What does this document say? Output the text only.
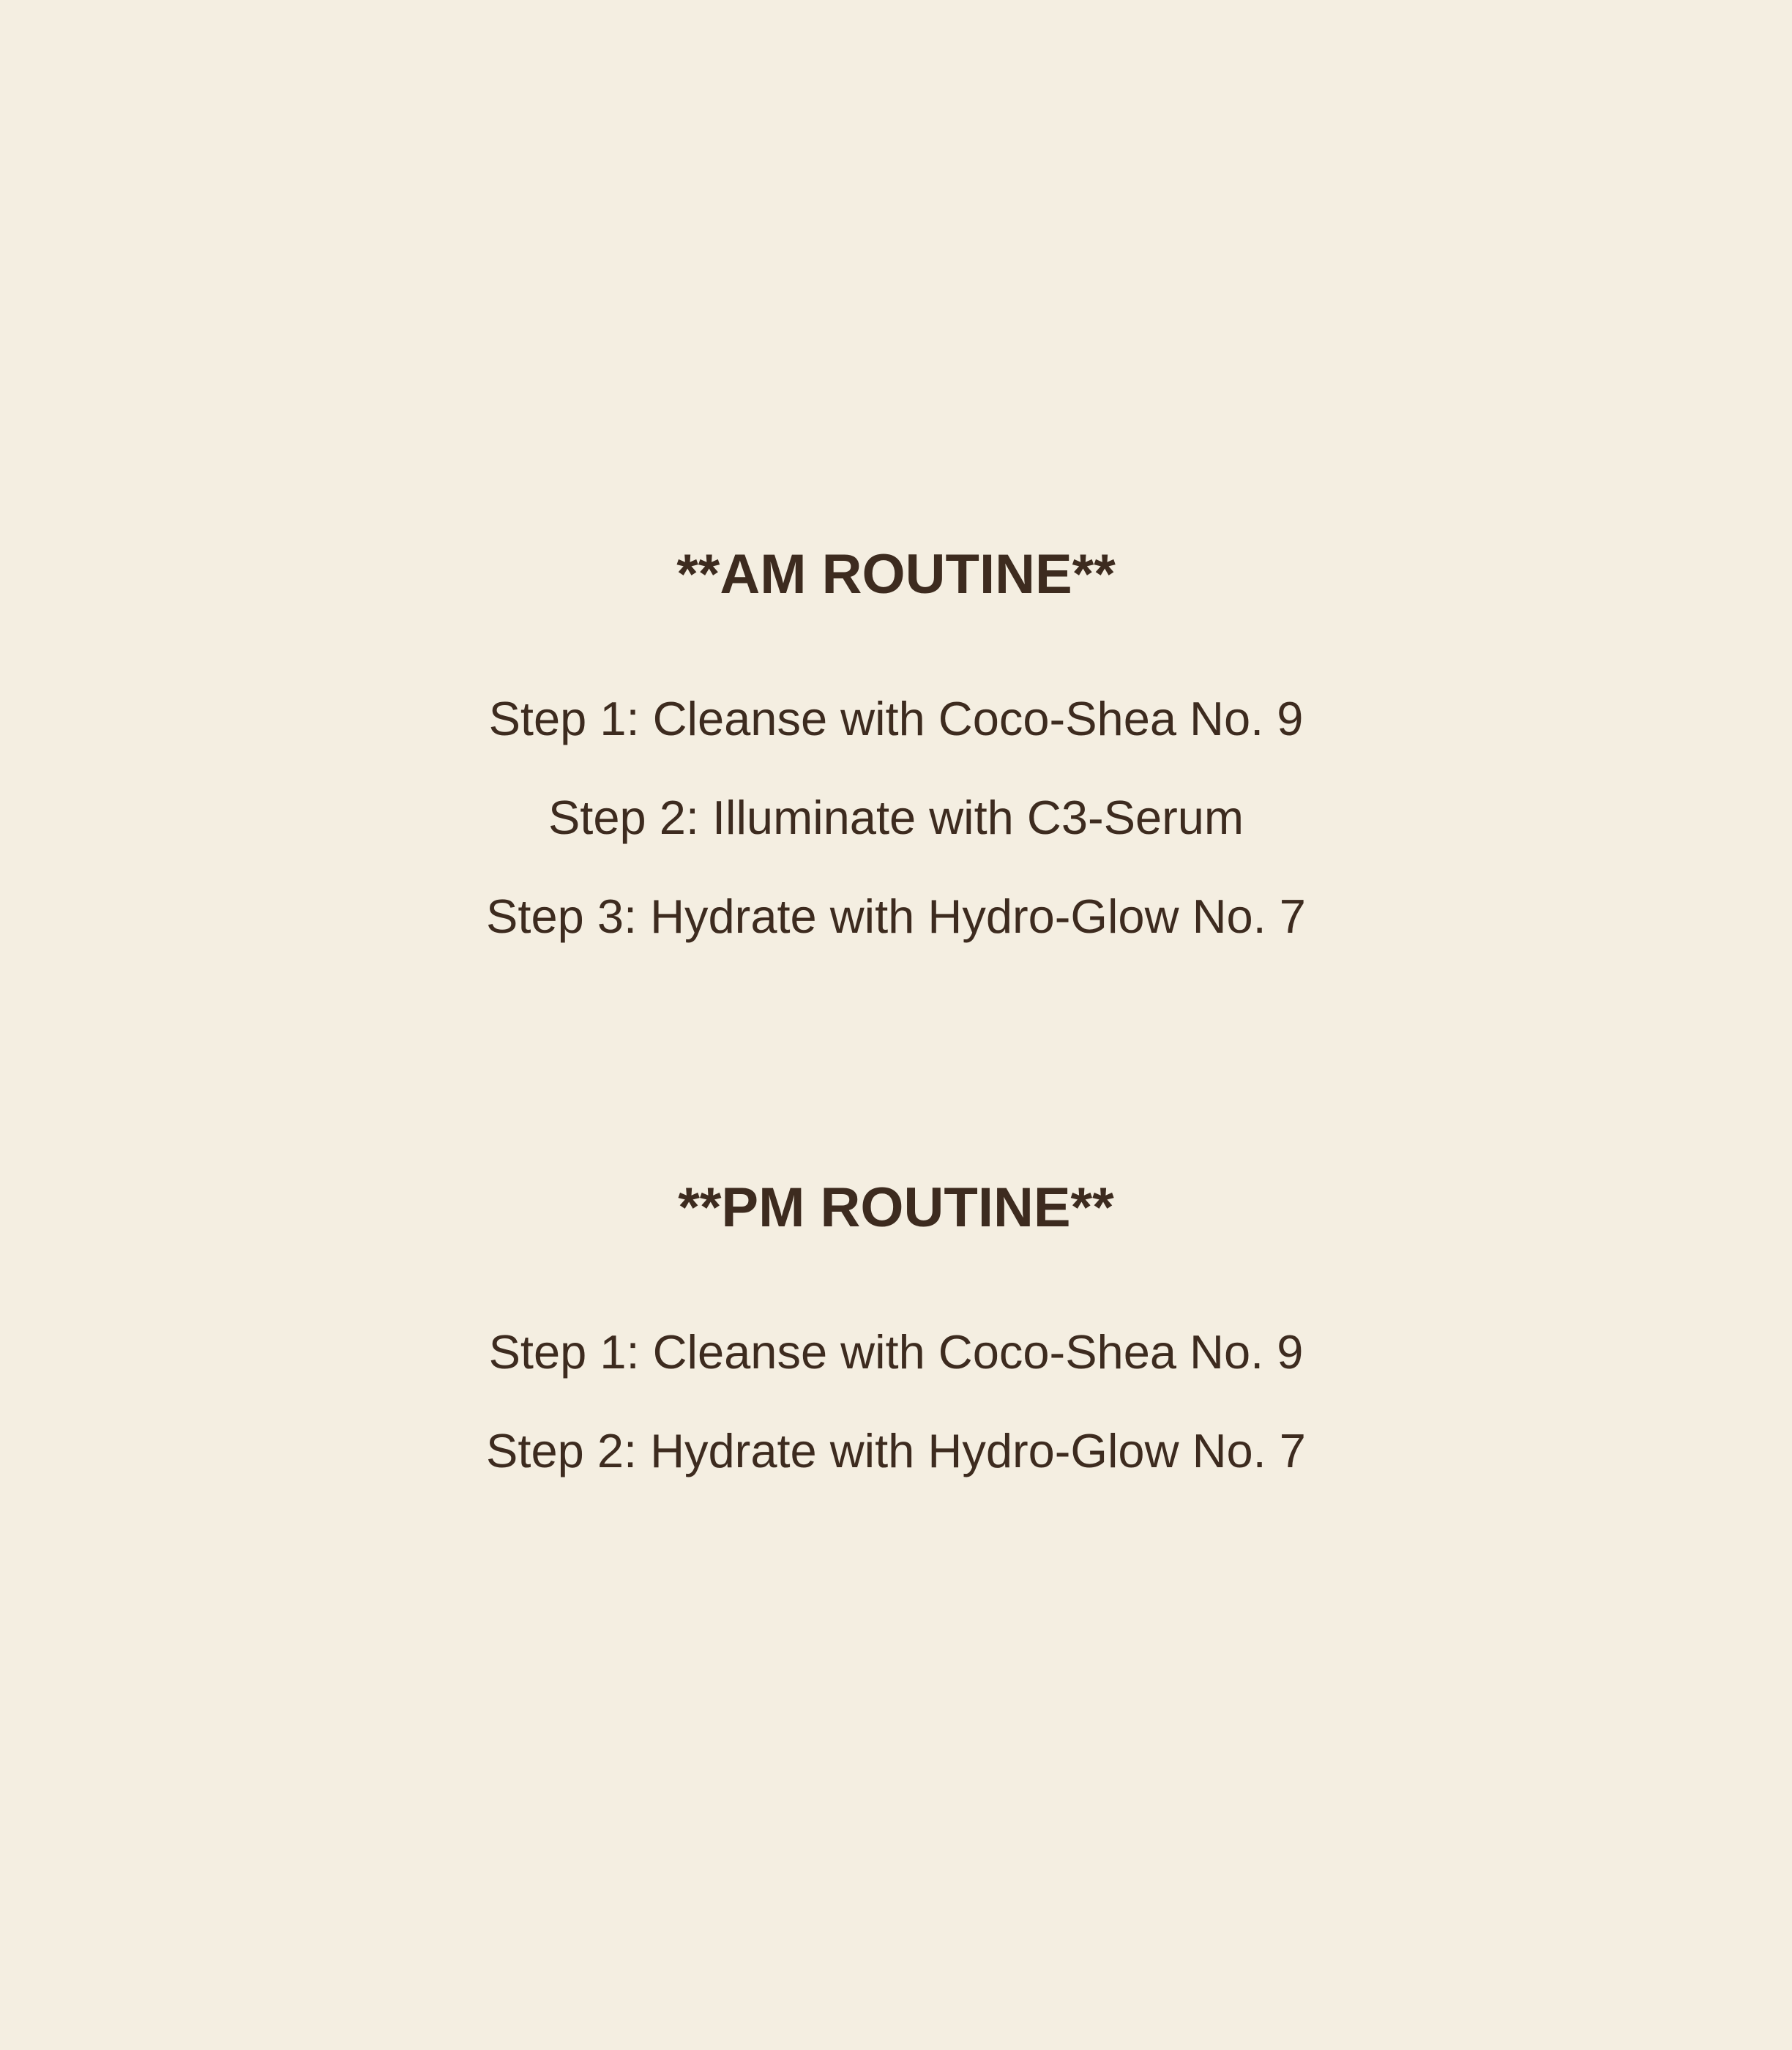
**AM ROUTINE**
Step 1: Cleanse with Coco-Shea No. 9
Step 2: Illuminate with C3-Serum
Step 3: Hydrate with Hydro-Glow No. 7
**PM ROUTINE**
Step 1: Cleanse with Coco-Shea No. 9
Step 2: Hydrate with Hydro-Glow No. 7
